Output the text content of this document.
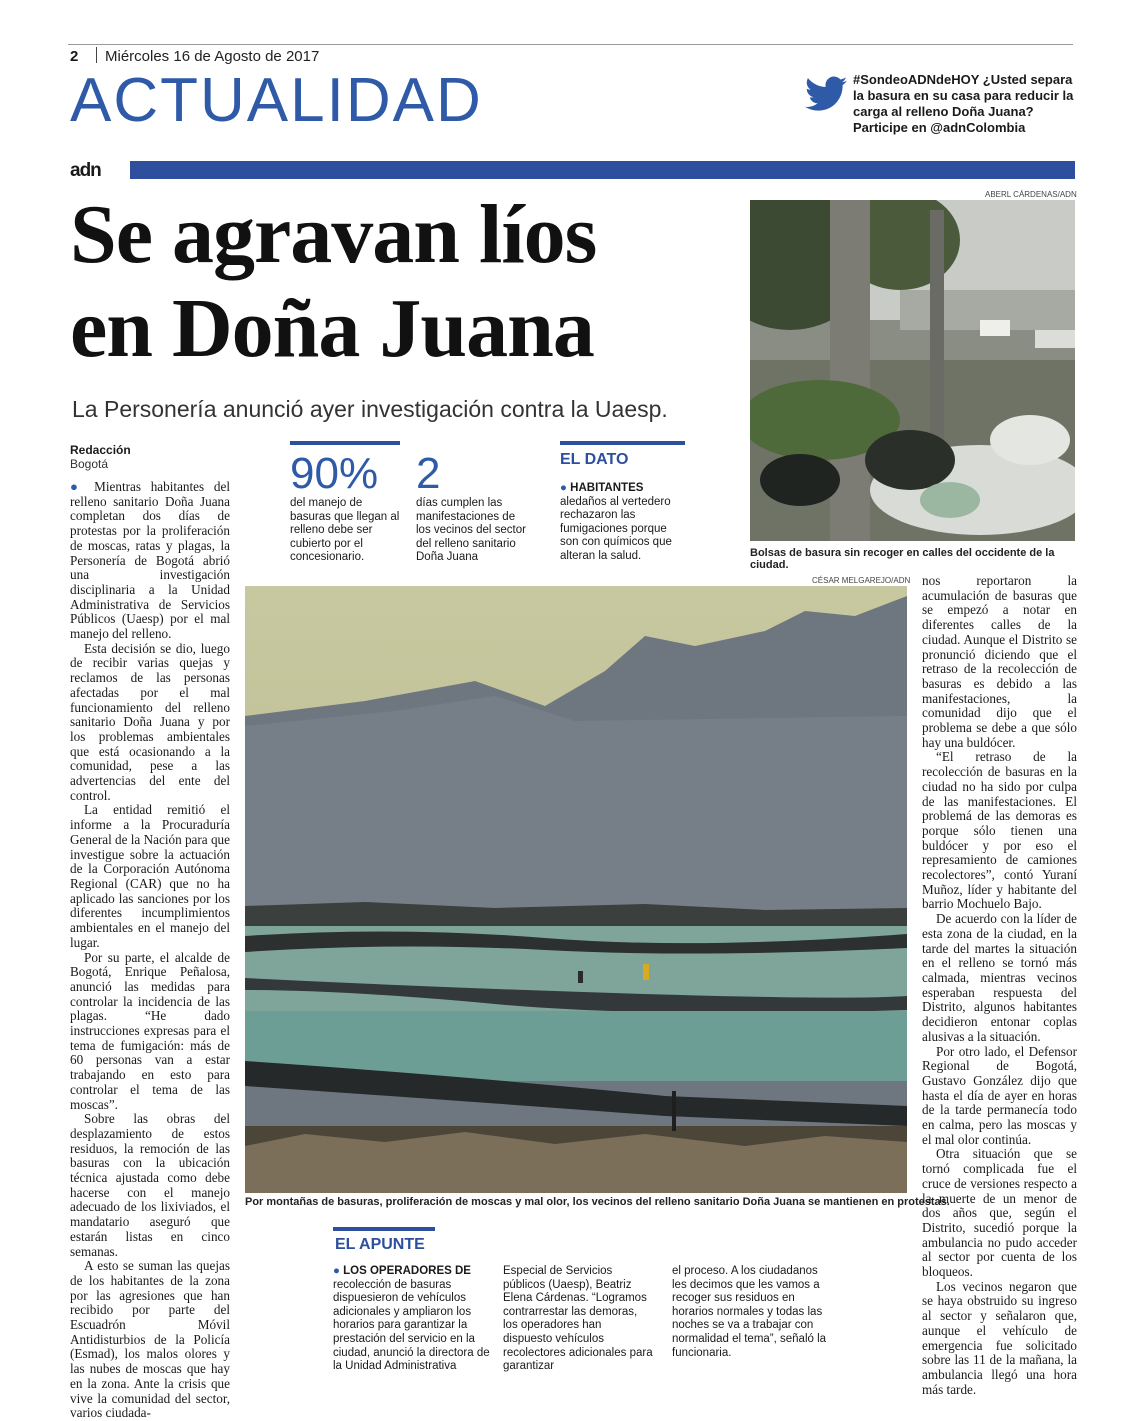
2 Miércoles 16 de Agosto de 2017
ACTUALIDAD	#SondeoADNdeHOY ¿Usted separa la basura en su casa para reducir la carga al relleno Doña Juana? Participe en @adnColombia
adn
Se agravan líos
en Doña Juana
La Personería anunció ayer investigación contra la Uaesp.
ABERL CÁRDENAS/ADN
Bolsas de basura sin recoger en calles del occidente de la ciudad.
Redacción
Bogotá

● Mientras habitantes del relleno sanitario Doña Juana completan dos días de protestas por la proliferación de moscas, ratas y plagas, la Personería de Bogotá abrió una investigación disciplinaria a la Unidad Administrativa de Servicios Públicos (Uaesp) por el mal manejo del relleno.

Esta decisión se dio, luego de recibir varias quejas y reclamos de las personas afectadas por el mal funcionamiento del relleno sanitario Doña Juana y por los problemas ambientales que está ocasionando a la comunidad, pese a las advertencias del ente del control.

La entidad remitió el informe a la Procuraduría General de la Nación para que investigue sobre la actuación de la Corporación Autónoma Regional (CAR) que no ha aplicado las sanciones por los diferentes incumplimientos ambientales en el manejo del lugar.

Por su parte, el alcalde de Bogotá, Enrique Peñalosa, anunció las medidas para controlar la incidencia de las plagas. “He dado instrucciones expresas para el tema de fumigación: más de 60 personas van a estar trabajando en esto para controlar el tema de las moscas”.

Sobre las obras del desplazamiento de estos residuos, la remoción de las basuras con la ubicación técnica ajustada como debe hacerse con el manejo adecuado de los lixiviados, el mandatario aseguró que estarán listas en cinco semanas.

A esto se suman las quejas de los habitantes de la zona por las agresiones que han recibido por parte del Escuadrón Móvil Antidisturbios de la Policía (Esmad), los malos olores y las nubes de moscas que hay en la zona. Ante la crisis que vive la comunidad del sector, varios ciudada-

90%
del manejo de basuras que llegan al relleno debe ser cubierto por el concesionario.
2
días cumplen las manifestaciones de los vecinos del sector del relleno sanitario Doña Juana
EL DATO
● HABITANTES aledaños al vertedero rechazaron las fumigaciones porque son con químicos que alteran la salud.
CÉSAR MELGAREJO/ADN
Por montañas de basuras, proliferación de moscas y mal olor, los vecinos del relleno sanitario Doña Juana se mantienen en protestas.

nos reportaron la acumulación de basuras que se empezó a notar en diferentes calles de la ciudad. Aunque el Distrito se pronunció diciendo que el retraso de la recolección de basuras es debido a las manifestaciones, la comunidad dijo que el problema se debe a que sólo hay una buldócer.

“El retraso de la recolección de basuras en la ciudad no ha sido por culpa de las manifestaciones. El problemá de las demoras es porque sólo tienen una buldócer y por eso el represamiento de camiones recolectores”, contó Yuraní Muñoz, líder y habitante del barrio Mochuelo Bajo.

De acuerdo con la líder de esta zona de la ciudad, en la tarde del martes la situación en el relleno se tornó más calmada, mientras vecinos esperaban respuesta del Distrito, algunos habitantes decidieron entonar coplas alusivas a la situación.

Por otro lado, el Defensor Regional de Bogotá, Gustavo González dijo que hasta el día de ayer en horas de la tarde permanecía todo en calma, pero las moscas y el mal olor continúa.

Otra situación que se tornó complicada fue el cruce de versiones respecto a la muerte de un menor de dos años que, según el Distrito, sucedió porque la ambulancia no pudo acceder al sector por cuenta de los bloqueos.

Los vecinos negaron que se haya obstruido su ingreso al sector y señalaron que, aunque el vehículo de emergencia fue solicitado sobre las 11 de la mañana, la ambulancia llegó una hora más tarde.

EL APUNTE
● LOS OPERADORES DE recolección de basuras dispuesieron de vehículos adicionales y ampliaron los horarios para garantizar la prestación del servicio en la ciudad, anunció la directora de la Unidad Administrativa
Especial de Servicios públicos (Uaesp), Beatriz Elena Cárdenas. “Logramos contrarrestar las demoras, los operadores han dispuesto vehículos recolectores adicionales para garantizar
el proceso. A los ciudadanos les decimos que les vamos a recoger sus residuos en horarios normales y todas las noches se va a trabajar con normalidad el tema”, señaló la funcionaria.
